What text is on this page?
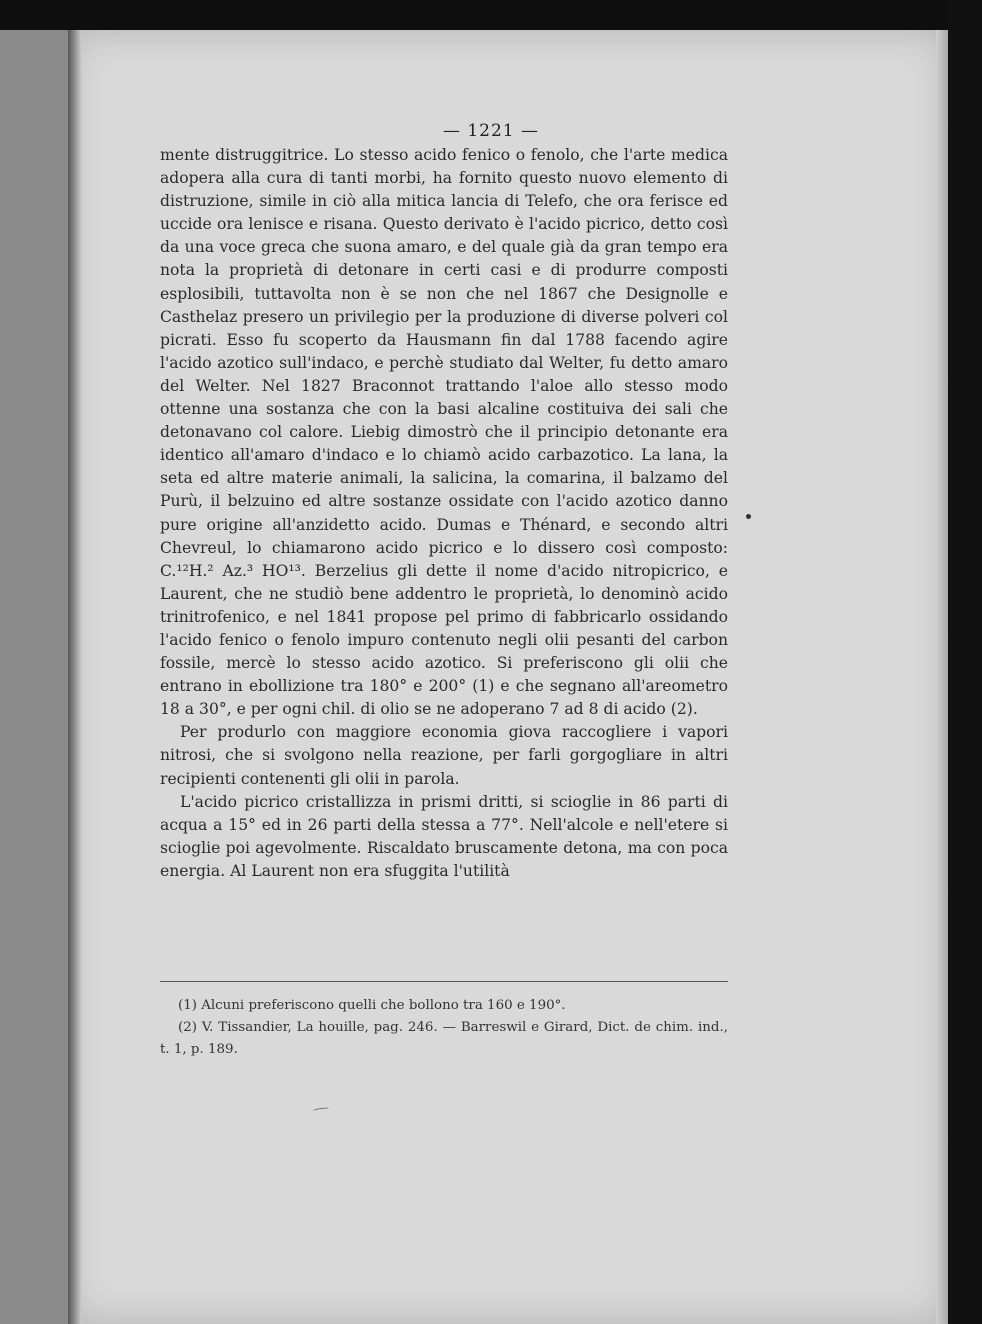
— 1221 —

mente distruggitrice. Lo stesso acido fenico o fenolo, che l'arte medica adopera alla cura di tanti morbi, ha fornito questo nuovo elemento di distruzione, simile in ciò alla mitica lancia di Telefo, che ora ferisce ed uccide ora lenisce e risana. Questo derivato è l'acido picrico, detto così da una voce greca che suona amaro, e del quale già da gran tempo era nota la proprietà di detonare in certi casi e di produrre composti esplosibili, tuttavolta non è se non che nel 1867 che Designolle e Casthelaz presero un privilegio per la produzione di diverse polveri col picrati. Esso fu scoperto da Hausmann fin dal 1788 facendo agire l'acido azotico sull'indaco, e perchè studiato dal Welter, fu detto amaro del Welter. Nel 1827 Braconnot trattando l'aloe allo stesso modo ottenne una sostanza che con la basi alcaline costituiva dei sali che detonavano col calore. Liebig dimostrò che il principio detonante era identico all'amaro d'indaco e lo chiamò acido carbazotico. La lana, la seta ed altre materie animali, la salicina, la comarina, il balzamo del Purù, il belzuino ed altre sostanze ossidate con l'acido azotico danno pure origine all'anzidetto acido. Dumas e Thénard, e secondo altri Chevreul, lo chiamarono acido picrico e lo dissero così composto: C.¹²H.² Az.³ HO¹³. Berzelius gli dette il nome d'acido nitropicrico, e Laurent, che ne studiò bene addentro le proprietà, lo denominò acido trinitrofenico, e nel 1841 propose pel primo di fabbricarlo ossidando l'acido fenico o fenolo impuro contenuto negli olii pesanti del carbon fossile, mercè lo stesso acido azotico. Si preferiscono gli olii che entrano in ebollizione tra 180° e 200° (1) e che segnano all'areometro 18 a 30°, e per ogni chil. di olio se ne adoperano 7 ad 8 di acido (2).

Per produrlo con maggiore economia giova raccogliere i vapori nitrosi, che si svolgono nella reazione, per farli gorgogliare in altri recipienti contenenti gli olii in parola.

L'acido picrico cristallizza in prismi dritti, si scioglie in 86 parti di acqua a 15° ed in 26 parti della stessa a 77°. Nell'alcole e nell'etere si scioglie poi agevolmente. Riscaldato bruscamente detona, ma con poca energia. Al Laurent non era sfuggita l'utilità

(1) Alcuni preferiscono quelli che bollono tra 160 e 190°.

(2) V. Tissandier, La houille, pag. 246. — Barreswil e Girard, Dict. de chim. ind., t. 1, p. 189.
